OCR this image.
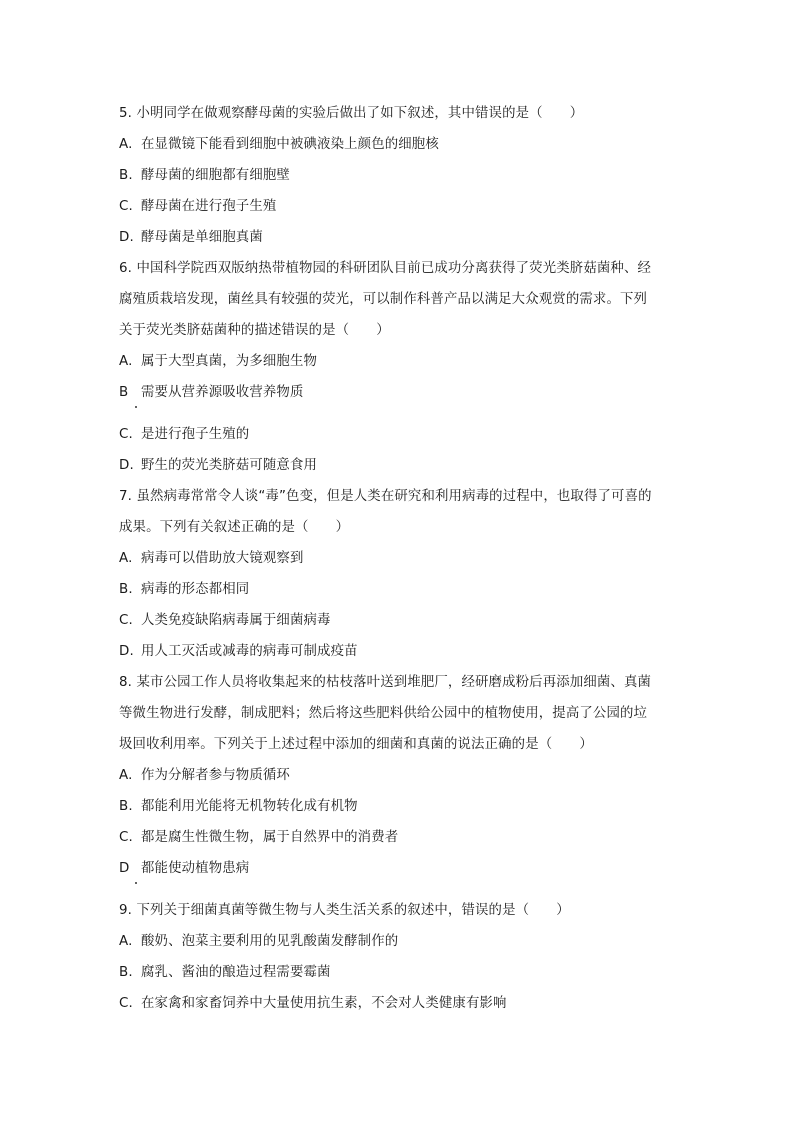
5. 小明同学在做观察酵母菌的实验后做出了如下叙述，其中错误的是（　　）
A. 在显微镜下能看到细胞中被碘液染上颜色的细胞核
B. 酵母菌的细胞都有细胞壁
C. 酵母菌在进行孢子生殖
D. 酵母菌是单细胞真菌
6. 中国科学院西双版纳热带植物园的科研团队目前已成功分离获得了荧光类脐菇菌种、经
腐殖质栽培发现，菌丝具有较强的荧光，可以制作科普产品以满足大众观赏的需求。下列
关于荧光类脐菇菌种的描述错误的是（　　）
A. 属于大型真菌，为多细胞生物
B 需要从营养源吸收营养物质
C. 是进行孢子生殖的
D. 野生的荧光类脐菇可随意食用
7. 虽然病毒常常令人谈“毒”色变，但是人类在研究和利用病毒的过程中，也取得了可喜的
成果。下列有关叙述正确的是（　　）
A. 病毒可以借助放大镜观察到
B. 病毒的形态都相同
C. 人类免疫缺陷病毒属于细菌病毒
D. 用人工灭活或减毒的病毒可制成疫苗
8. 某市公园工作人员将收集起来的枯枝落叶送到堆肥厂，经研磨成粉后再添加细菌、真菌
等微生物进行发酵，制成肥料；然后将这些肥料供给公园中的植物使用，提高了公园的垃
圾回收利用率。下列关于上述过程中添加的细菌和真菌的说法正确的是（　　）
A. 作为分解者参与物质循环
B. 都能利用光能将无机物转化成有机物
C. 都是腐生性微生物，属于自然界中的消费者
D 都能使动植物患病
9. 下列关于细菌真菌等微生物与人类生活关系的叙述中，错误的是（　　）
A. 酸奶、泡菜主要利用的见乳酸菌发酵制作的
B. 腐乳、酱油的酿造过程需要霉菌
C. 在家禽和家畜饲养中大量使用抗生素，不会对人类健康有影响
